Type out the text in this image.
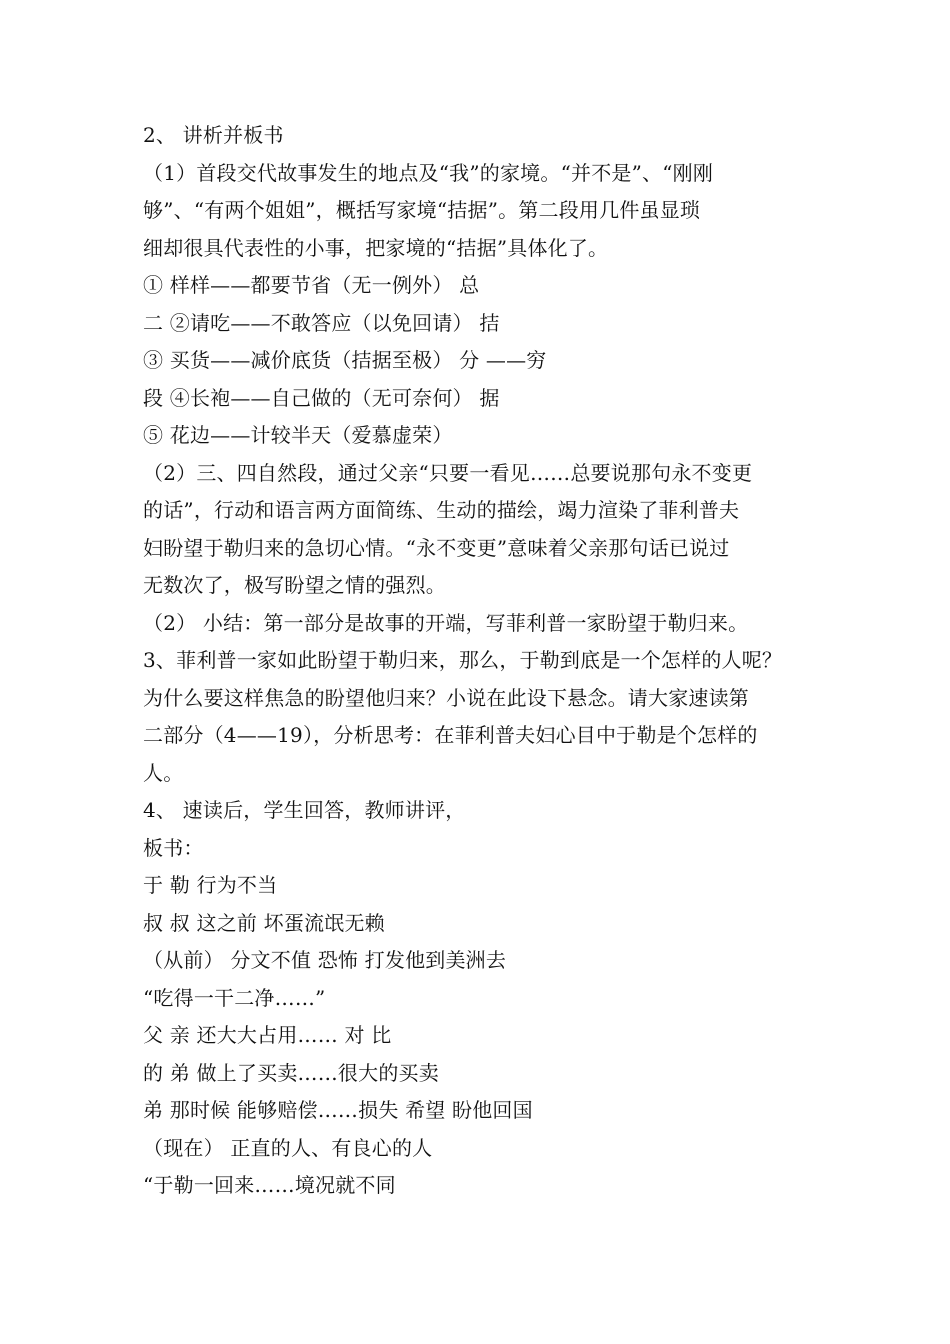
2、 讲析并板书
（1）首段交代故事发生的地点及“我”的家境。“并不是”、“刚刚
够”、“有两个姐姐”，概括写家境“拮据”。第二段用几件虽显琐
细却很具代表性的小事，把家境的“拮据”具体化了。
① 样样——都要节省（无一例外） 总
二 ②请吃——不敢答应（以免回请） 拮
③ 买货——减价底货（拮据至极） 分 ——穷
段 ④长袍——自己做的（无可奈何） 据
⑤ 花边——计较半天（爱慕虚荣）
（2）三、四自然段，通过父亲“只要一看见……总要说那句永不变更
的话”，行动和语言两方面简练、生动的描绘，竭力渲染了菲利普夫
妇盼望于勒归来的急切心情。“永不变更”意味着父亲那句话已说过
无数次了，极写盼望之情的强烈。
（2） 小结：第一部分是故事的开端，写菲利普一家盼望于勒归来。
3、菲利普一家如此盼望于勒归来，那么，于勒到底是一个怎样的人呢？
为什么要这样焦急的盼望他归来？小说在此设下悬念。请大家速读第
二部分（4——19），分析思考：在菲利普夫妇心目中于勒是个怎样的
人。
4、 速读后，学生回答，教师讲评，
板书：
于 勒 行为不当
叔 叔 这之前 坏蛋流氓无赖
（从前） 分文不值 恐怖 打发他到美洲去
“吃得一干二净……”
父 亲 还大大占用…… 对 比
的 弟 做上了买卖……很大的买卖
弟 那时候 能够赔偿……损失 希望 盼他回国
（现在） 正直的人、有良心的人
“于勒一回来……境况就不同
